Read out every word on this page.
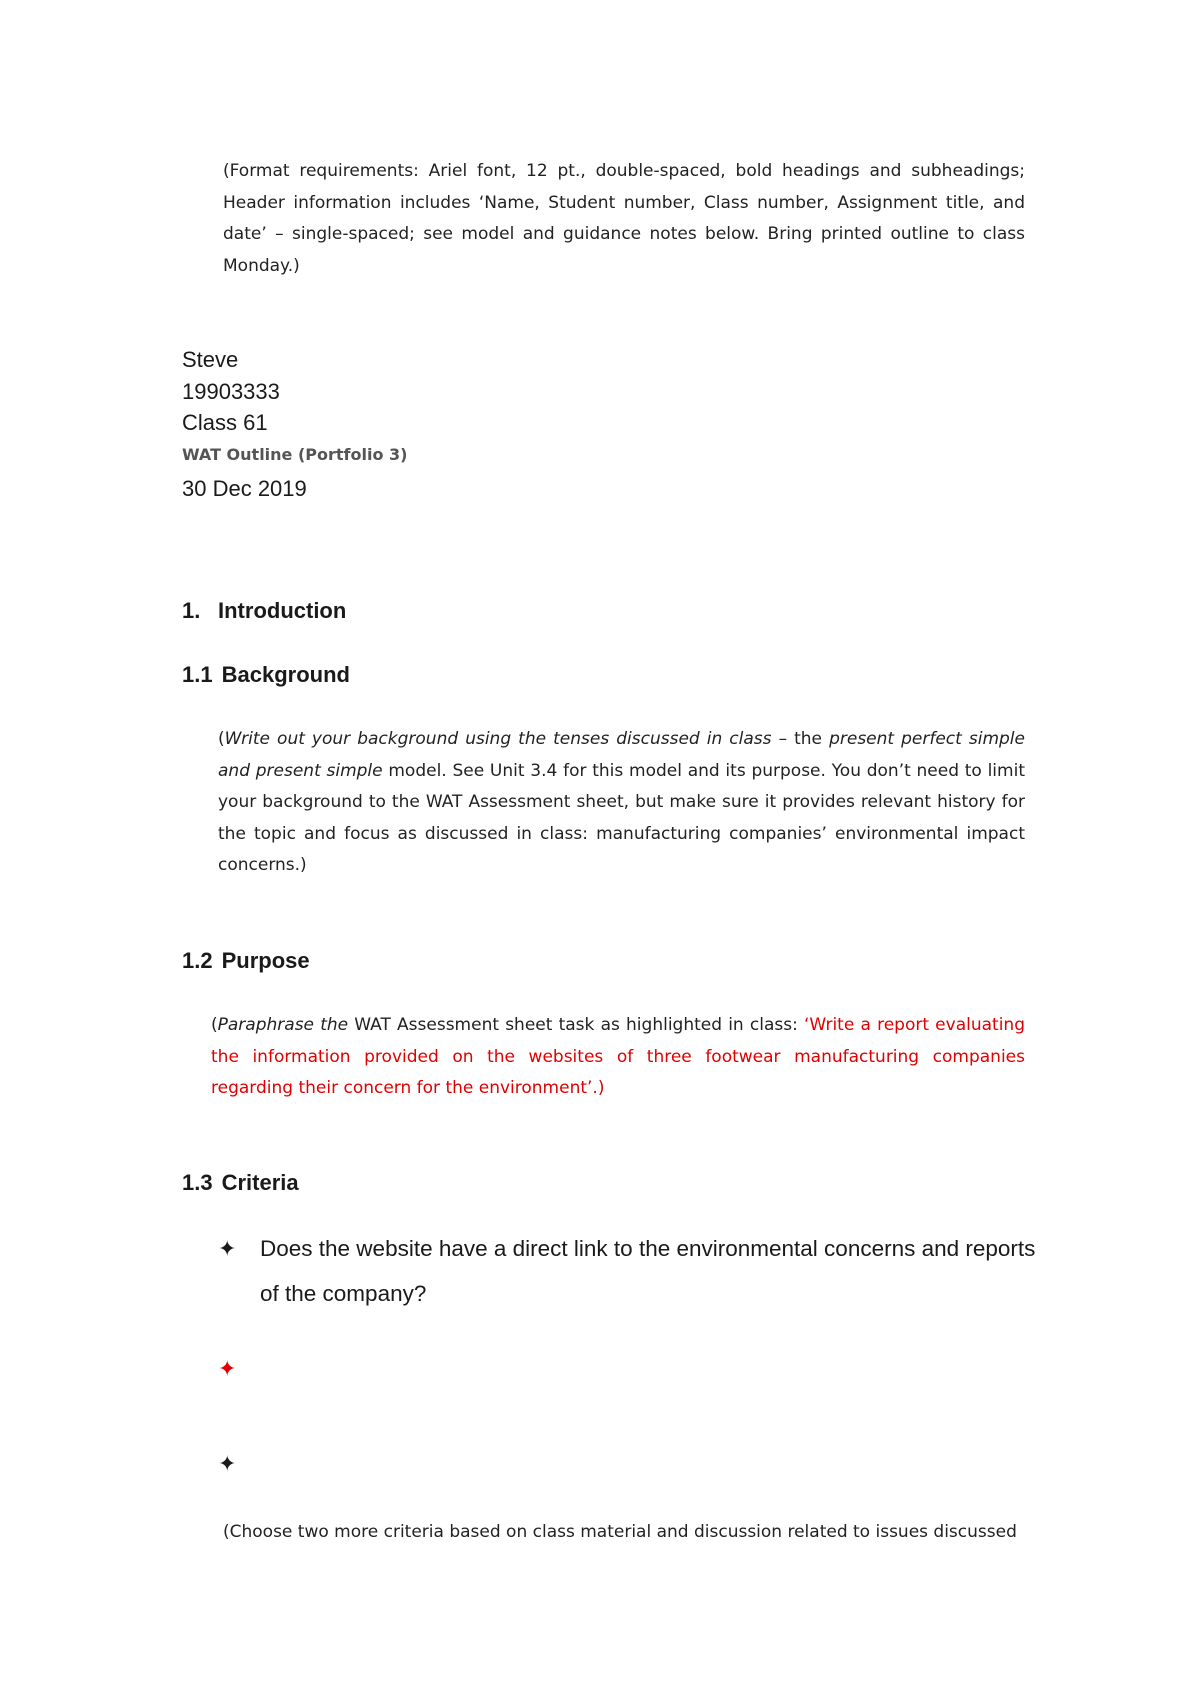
(Format requirements: Ariel font, 12 pt., double-spaced, bold headings and subheadings; Header information includes ‘Name, Student number, Class number, Assignment title, and date’ – single-spaced; see model and guidance notes below. Bring printed outline to class Monday.)

Steve
19903333
Class 61
WAT Outline (Portfolio 3)
30 Dec 2019
1. Introduction
1.1 Background

(Write out your background using the tenses discussed in class – the present perfect simple and present simple model. See Unit 3.4 for this model and its purpose. You don’t need to limit your background to the WAT Assessment sheet, but make sure it provides relevant history for the topic and focus as discussed in class: manufacturing companies’ environmental impact concerns.)

1.2 Purpose

(Paraphrase the WAT Assessment sheet task as highlighted in class: ‘Write a report evaluating the information provided on the websites of three footwear manufacturing companies regarding their concern for the environment’.)

1.3 Criteria
✦ Does the website have a direct link to the environmental concerns and reports of the company?
✦
✦

(Choose two more criteria based on class material and discussion related to issues discussed
